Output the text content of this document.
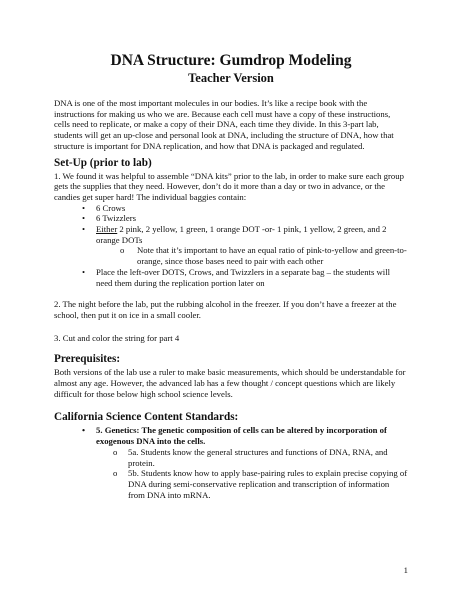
DNA Structure: Gumdrop Modeling
Teacher Version

DNA is one of the most important molecules in our bodies. It’s like a recipe book with the instructions for making us who we are. Because each cell must have a copy of these instructions, cells need to replicate, or make a copy of their DNA, each time they divide. In this 3-part lab, students will get an up-close and personal look at DNA, including the structure of DNA, how that structure is important for DNA replication, and how that DNA is packaged and regulated.

Set-Up (prior to lab)

1. We found it was helpful to assemble “DNA kits” prior to the lab, in order to make sure each group gets the supplies that they need. However, don’t do it more than a day or two in advance, or the candies get super hard! The individual baggies contain:

• 6 Crows
• 6 Twizzlers
• Either 2 pink, 2 yellow, 1 green, 1 orange DOT -or- 1 pink, 1 yellow, 2 green, and 2 orange DOTs
o Note that it’s important to have an equal ratio of pink-to-yellow and green-to-orange, since those bases need to pair with each other
• Place the left-over DOTS, Crows, and Twizzlers in a separate bag – the students will need them during the replication portion later on

2. The night before the lab, put the rubbing alcohol in the freezer. If you don’t have a freezer at the school, then put it on ice in a small cooler.

3. Cut and color the string for part 4

Prerequisites:

Both versions of the lab use a ruler to make basic measurements, which should be understandable for almost any age. However, the advanced lab has a few thought / concept questions which are likely difficult for those below high school science levels.

California Science Content Standards:
• 5. Genetics: The genetic composition of cells can be altered by incorporation of exogenous DNA into the cells.
o 5a. Students know the general structures and functions of DNA, RNA, and protein.
o 5b. Students know how to apply base-pairing rules to explain precise copying of DNA during semi-conservative replication and transcription of information from DNA into mRNA.
1
